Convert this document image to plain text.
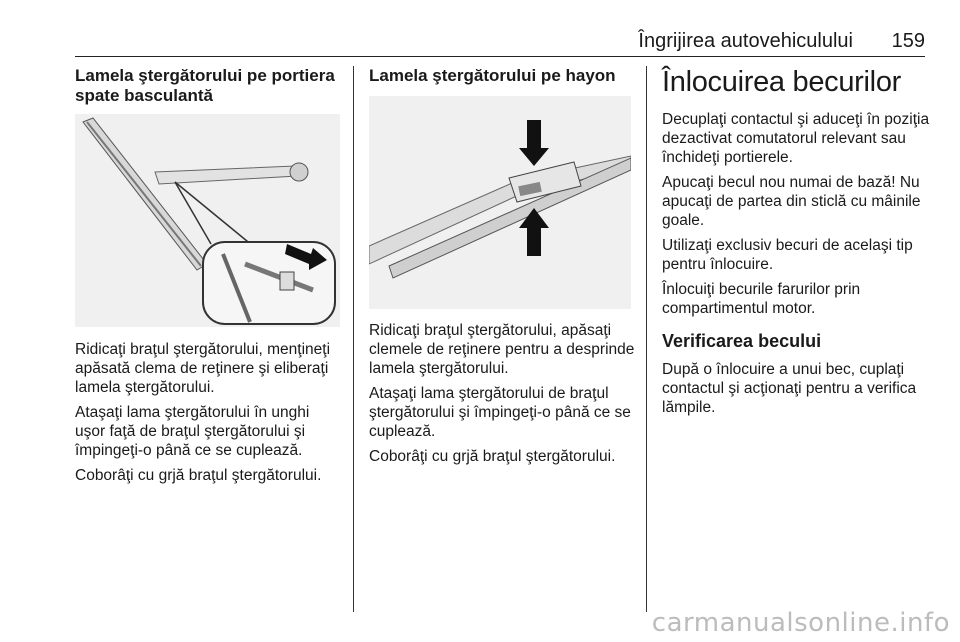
Îngrijirea autovehiculului 159
Lamela ştergătorului pe portiera spate basculantă

Ridicaţi braţul ştergătorului, menţineţi apăsată clema de reţinere şi eliberaţi lamela ştergătorului.

Ataşaţi lama ştergătorului în unghi uşor faţă de braţul ştergătorului şi împingeţi-o până ce se cuplează.

Coborâţi cu grjă braţul ştergătorului.

Lamela ştergătorului pe hayon

Ridicaţi braţul ştergătorului, apăsaţi clemele de reţinere pentru a desprinde lamela ştergătorului.

Ataşaţi lama ştergătorului de braţul ştergătorului şi împingeţi-o până ce se cuplează.

Coborâţi cu grjă braţul ştergătorului.

Înlocuirea becurilor

Decuplaţi contactul şi aduceţi în poziţia dezactivat comutatorul relevant sau închideţi portierele.

Apucaţi becul nou numai de bază! Nu apucaţi de partea din sticlă cu mâinile goale.

Utilizaţi exclusiv becuri de acelaşi tip pentru înlocuire.

Înlocuiţi becurile farurilor prin compartimentul motor.

Verificarea becului

După o înlocuire a unui bec, cuplaţi contactul şi acţionaţi pentru a verifica lămpile.

carmanualsonline.info
